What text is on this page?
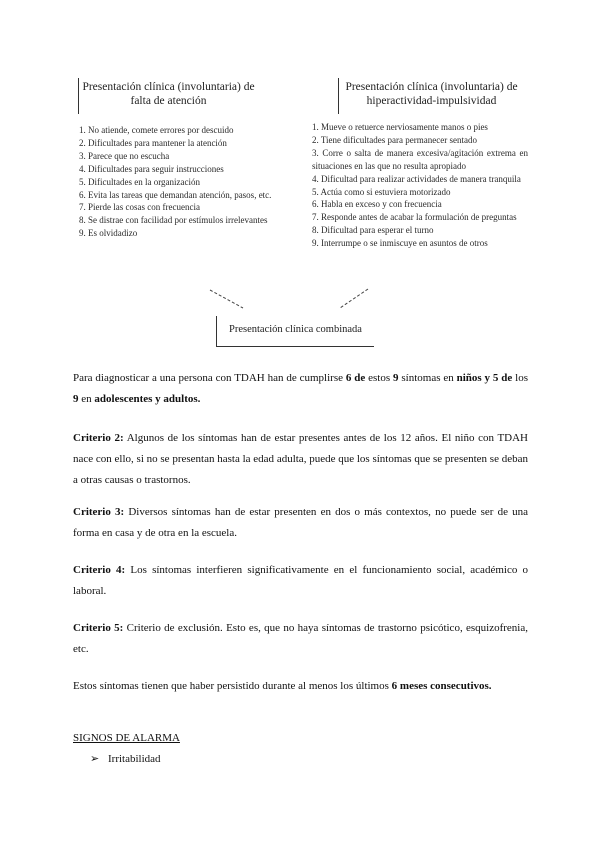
Presentación clínica (involuntaria) de
falta de atención
Presentación clínica (involuntaria) de
hiperactividad-impulsividad
1. No atiende, comete errores por descuido
2. Dificultades para mantener la atención
3. Parece que no escucha
4. Dificultades para seguir instrucciones
5. Dificultades en la organización
6. Evita las tareas que demandan atención, pasos, etc.
7. Pierde las cosas con frecuencia
8. Se distrae con facilidad por estímulos irrelevantes
9. Es olvidadizo
1. Mueve o retuerce nerviosamente manos o pies
2. Tiene dificultades para permanecer sentado
3. Corre o salta de manera excesiva/agitación extrema en situaciones en las que no resulta apropiado
4. Dificultad para realizar actividades de manera tranquila
5. Actúa como si estuviera motorizado
6. Habla en exceso y con frecuencia
7. Responde antes de acabar la formulación de preguntas
8. Dificultad para esperar el turno
9. Interrumpe o se inmiscuye en asuntos de otros
Presentación clínica combinada

Para diagnosticar a una persona con TDAH han de cumplirse 6 de estos 9 síntomas en niños y 5 de los 9 en adolescentes y adultos.

Criterio 2: Algunos de los síntomas han de estar presentes antes de los 12 años. El niño con TDAH nace con ello, si no se presentan hasta la edad adulta, puede que los síntomas que se presenten se deban a otras causas o trastornos.

Criterio 3: Diversos síntomas han de estar presenten en dos o más contextos, no puede ser de una forma en casa y de otra en la escuela.

Criterio 4: Los síntomas interfieren significativamente en el funcionamiento social, académico o laboral.

Criterio 5: Criterio de exclusión. Esto es, que no haya síntomas de trastorno psicótico, esquizofrenia, etc.

Estos síntomas tienen que haber persistido durante al menos los últimos 6 meses consecutivos.

SIGNOS DE ALARMA
➢ Irritabilidad
